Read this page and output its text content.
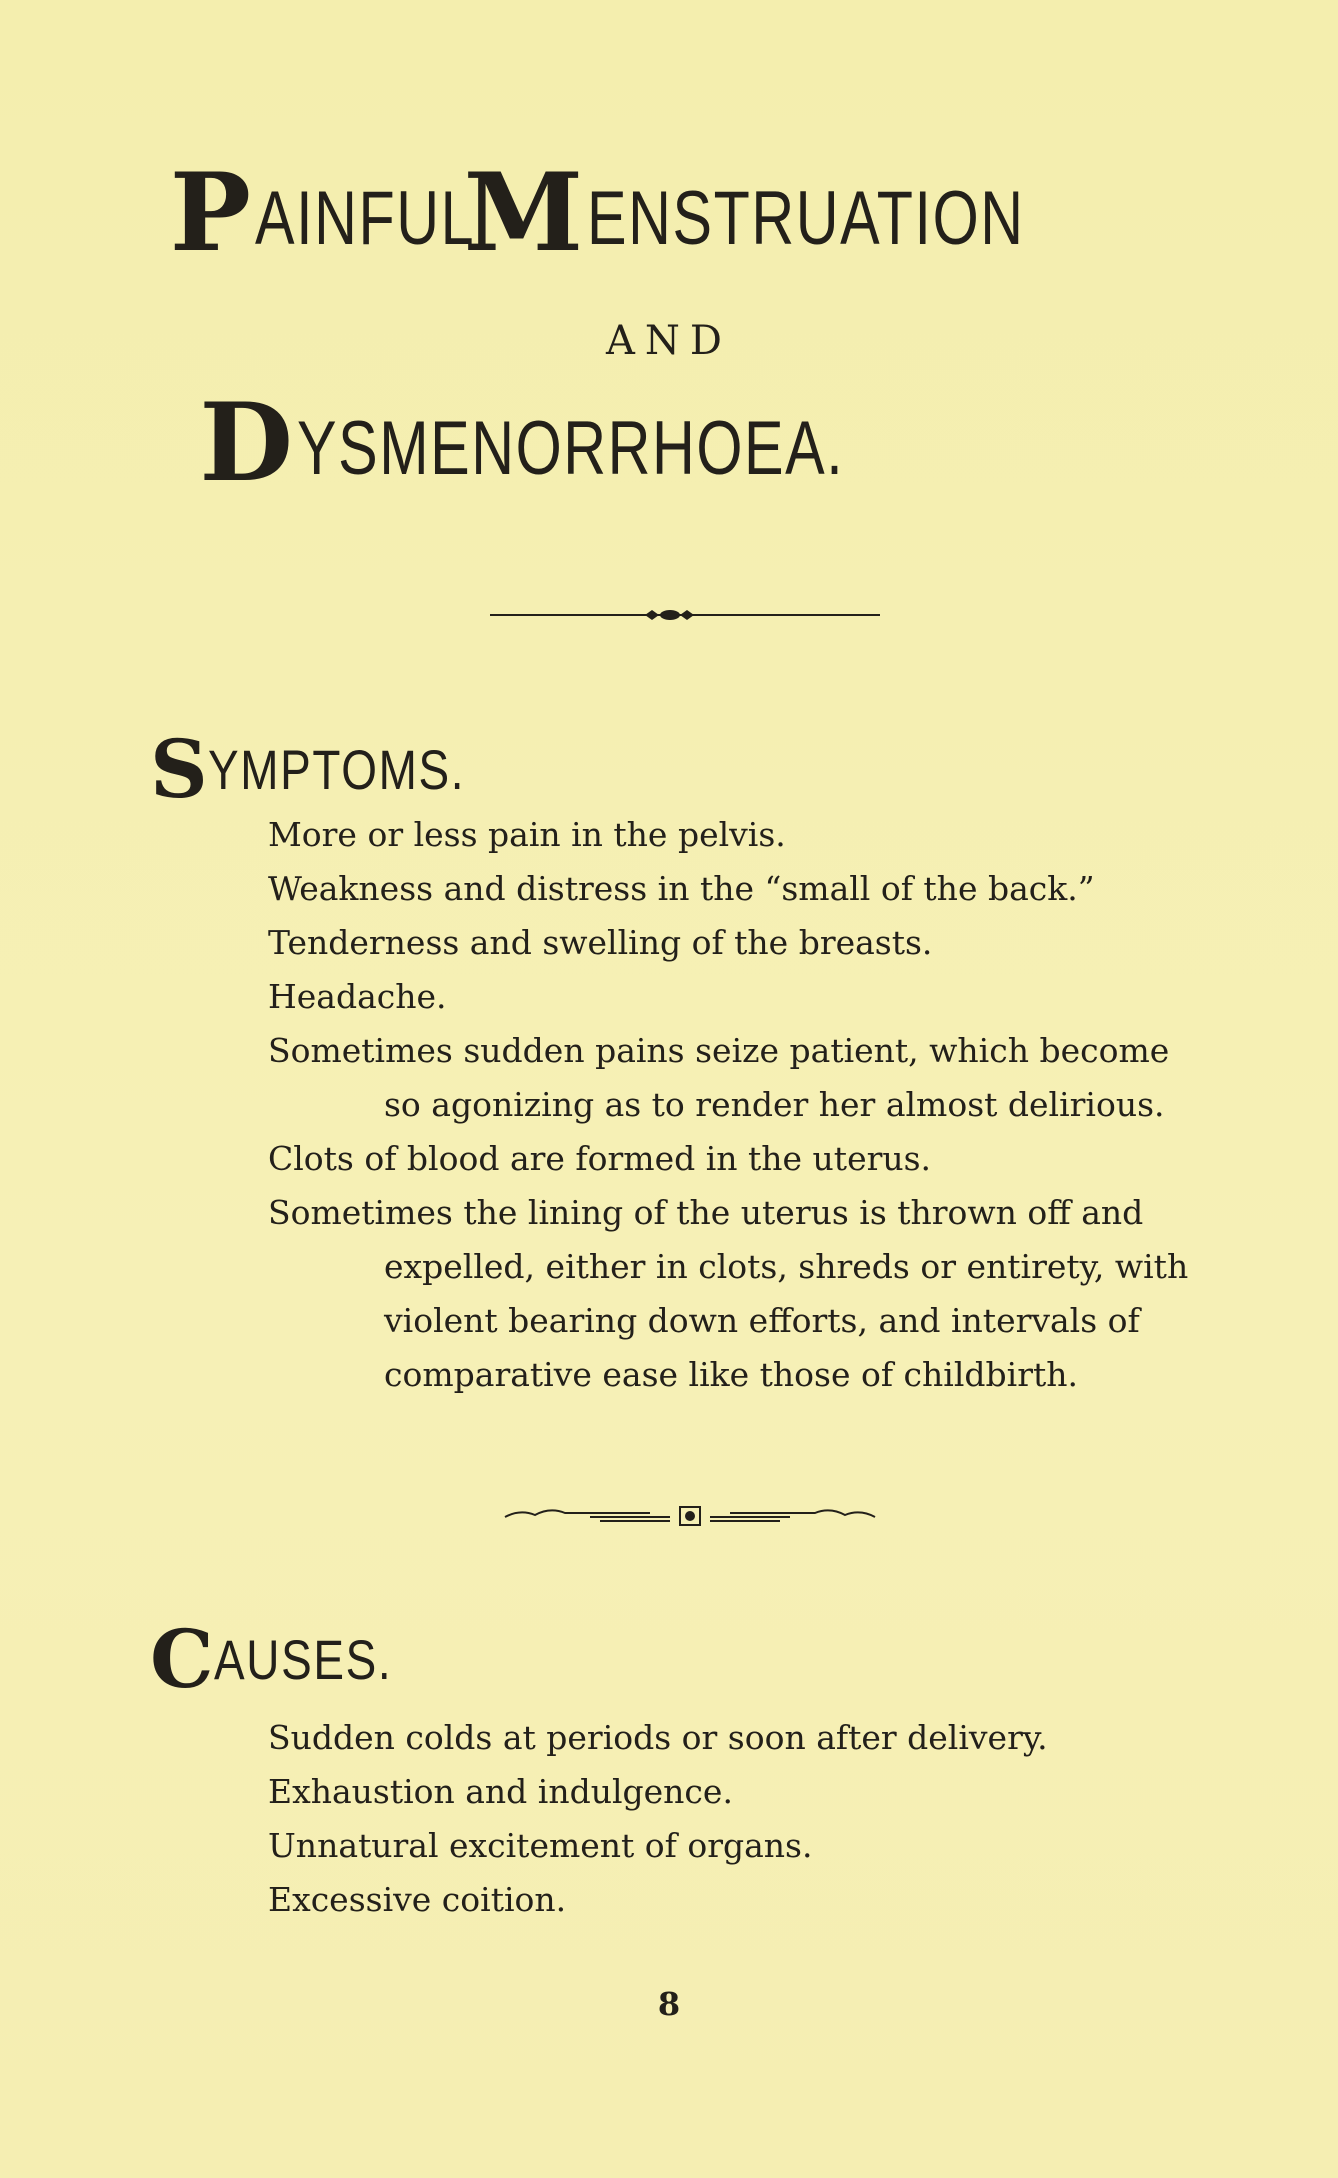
PAINFUL MENSTRUATION
AND
DYSMENORRHOEA.
SYMPTOMS.
More or less pain in the pelvis.
Weakness and distress in the “small of the back.”
Tenderness and swelling of the breasts.
Headache.
Sometimes sudden pains seize patient, which become
so agonizing as to render her almost delirious.
Clots of blood are formed in the uterus.
Sometimes the lining of the uterus is thrown off and
expelled, either in clots, shreds or entirety, with
violent bearing down efforts, and intervals of
comparative ease like those of childbirth.
CAUSES.
Sudden colds at periods or soon after delivery.
Exhaustion and indulgence.
Unnatural excitement of organs.
Excessive coition.
8
